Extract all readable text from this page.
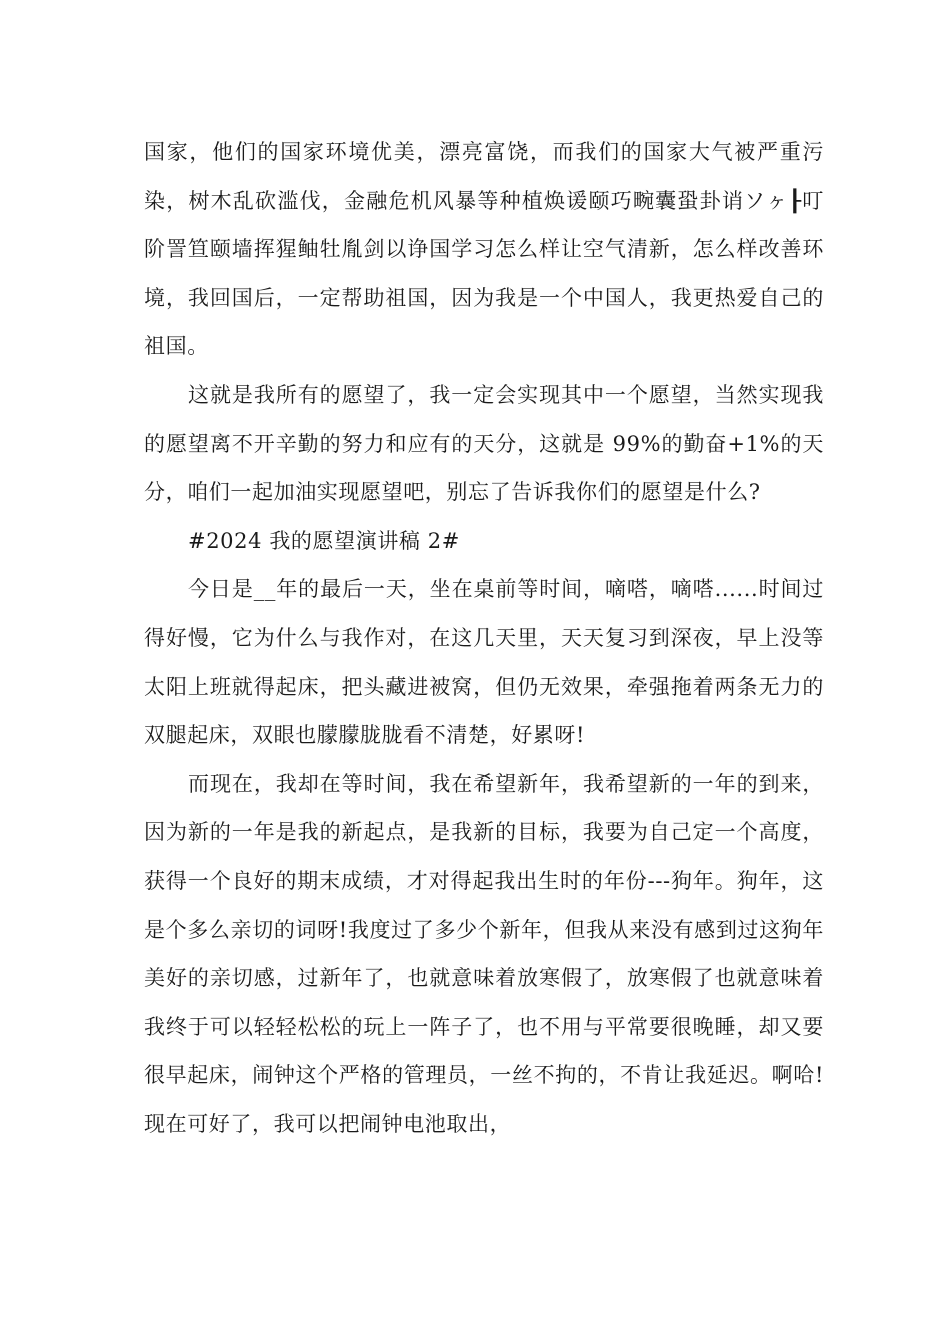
国家，他们的国家环境优美，漂亮富饶，而我们的国家大气被严重污染，树木乱砍滥伐，金融危机风暴等种植焕谖颐巧畹囊蛩卦诮ソヶ┠叮阶詈笪颐墙挥猩鲉牡胤剑以诤国学习怎么样让空气清新，怎么样改善环境，我回国后，一定帮助祖国，因为我是一个中国人，我更热爱自己的祖国。

这就是我所有的愿望了，我一定会实现其中一个愿望，当然实现我的愿望离不开辛勤的努力和应有的天分，这就是 99%的勤奋+1%的天分，咱们一起加油实现愿望吧，别忘了告诉我你们的愿望是什么?

#2024 我的愿望演讲稿 2#

今日是__年的最后一天，坐在桌前等时间，嘀嗒，嘀嗒......时间过得好慢，它为什么与我作对，在这几天里，天天复习到深夜，早上没等太阳上班就得起床，把头藏进被窝，但仍无效果，牵强拖着两条无力的双腿起床，双眼也朦朦胧胧看不清楚，好累呀!

而现在，我却在等时间，我在希望新年，我希望新的一年的到来，因为新的一年是我的新起点，是我新的目标，我要为自己定一个高度，获得一个良好的期末成绩，才对得起我出生时的年份---狗年。狗年，这是个多么亲切的词呀!我度过了多少个新年，但我从来没有感到过这狗年美好的亲切感，过新年了，也就意味着放寒假了，放寒假了也就意味着我终于可以轻轻松松的玩上一阵子了，也不用与平常要很晚睡，却又要很早起床，闹钟这个严格的管理员，一丝不拘的，不肯让我延迟。啊哈!现在可好了，我可以把闹钟电池取出，
